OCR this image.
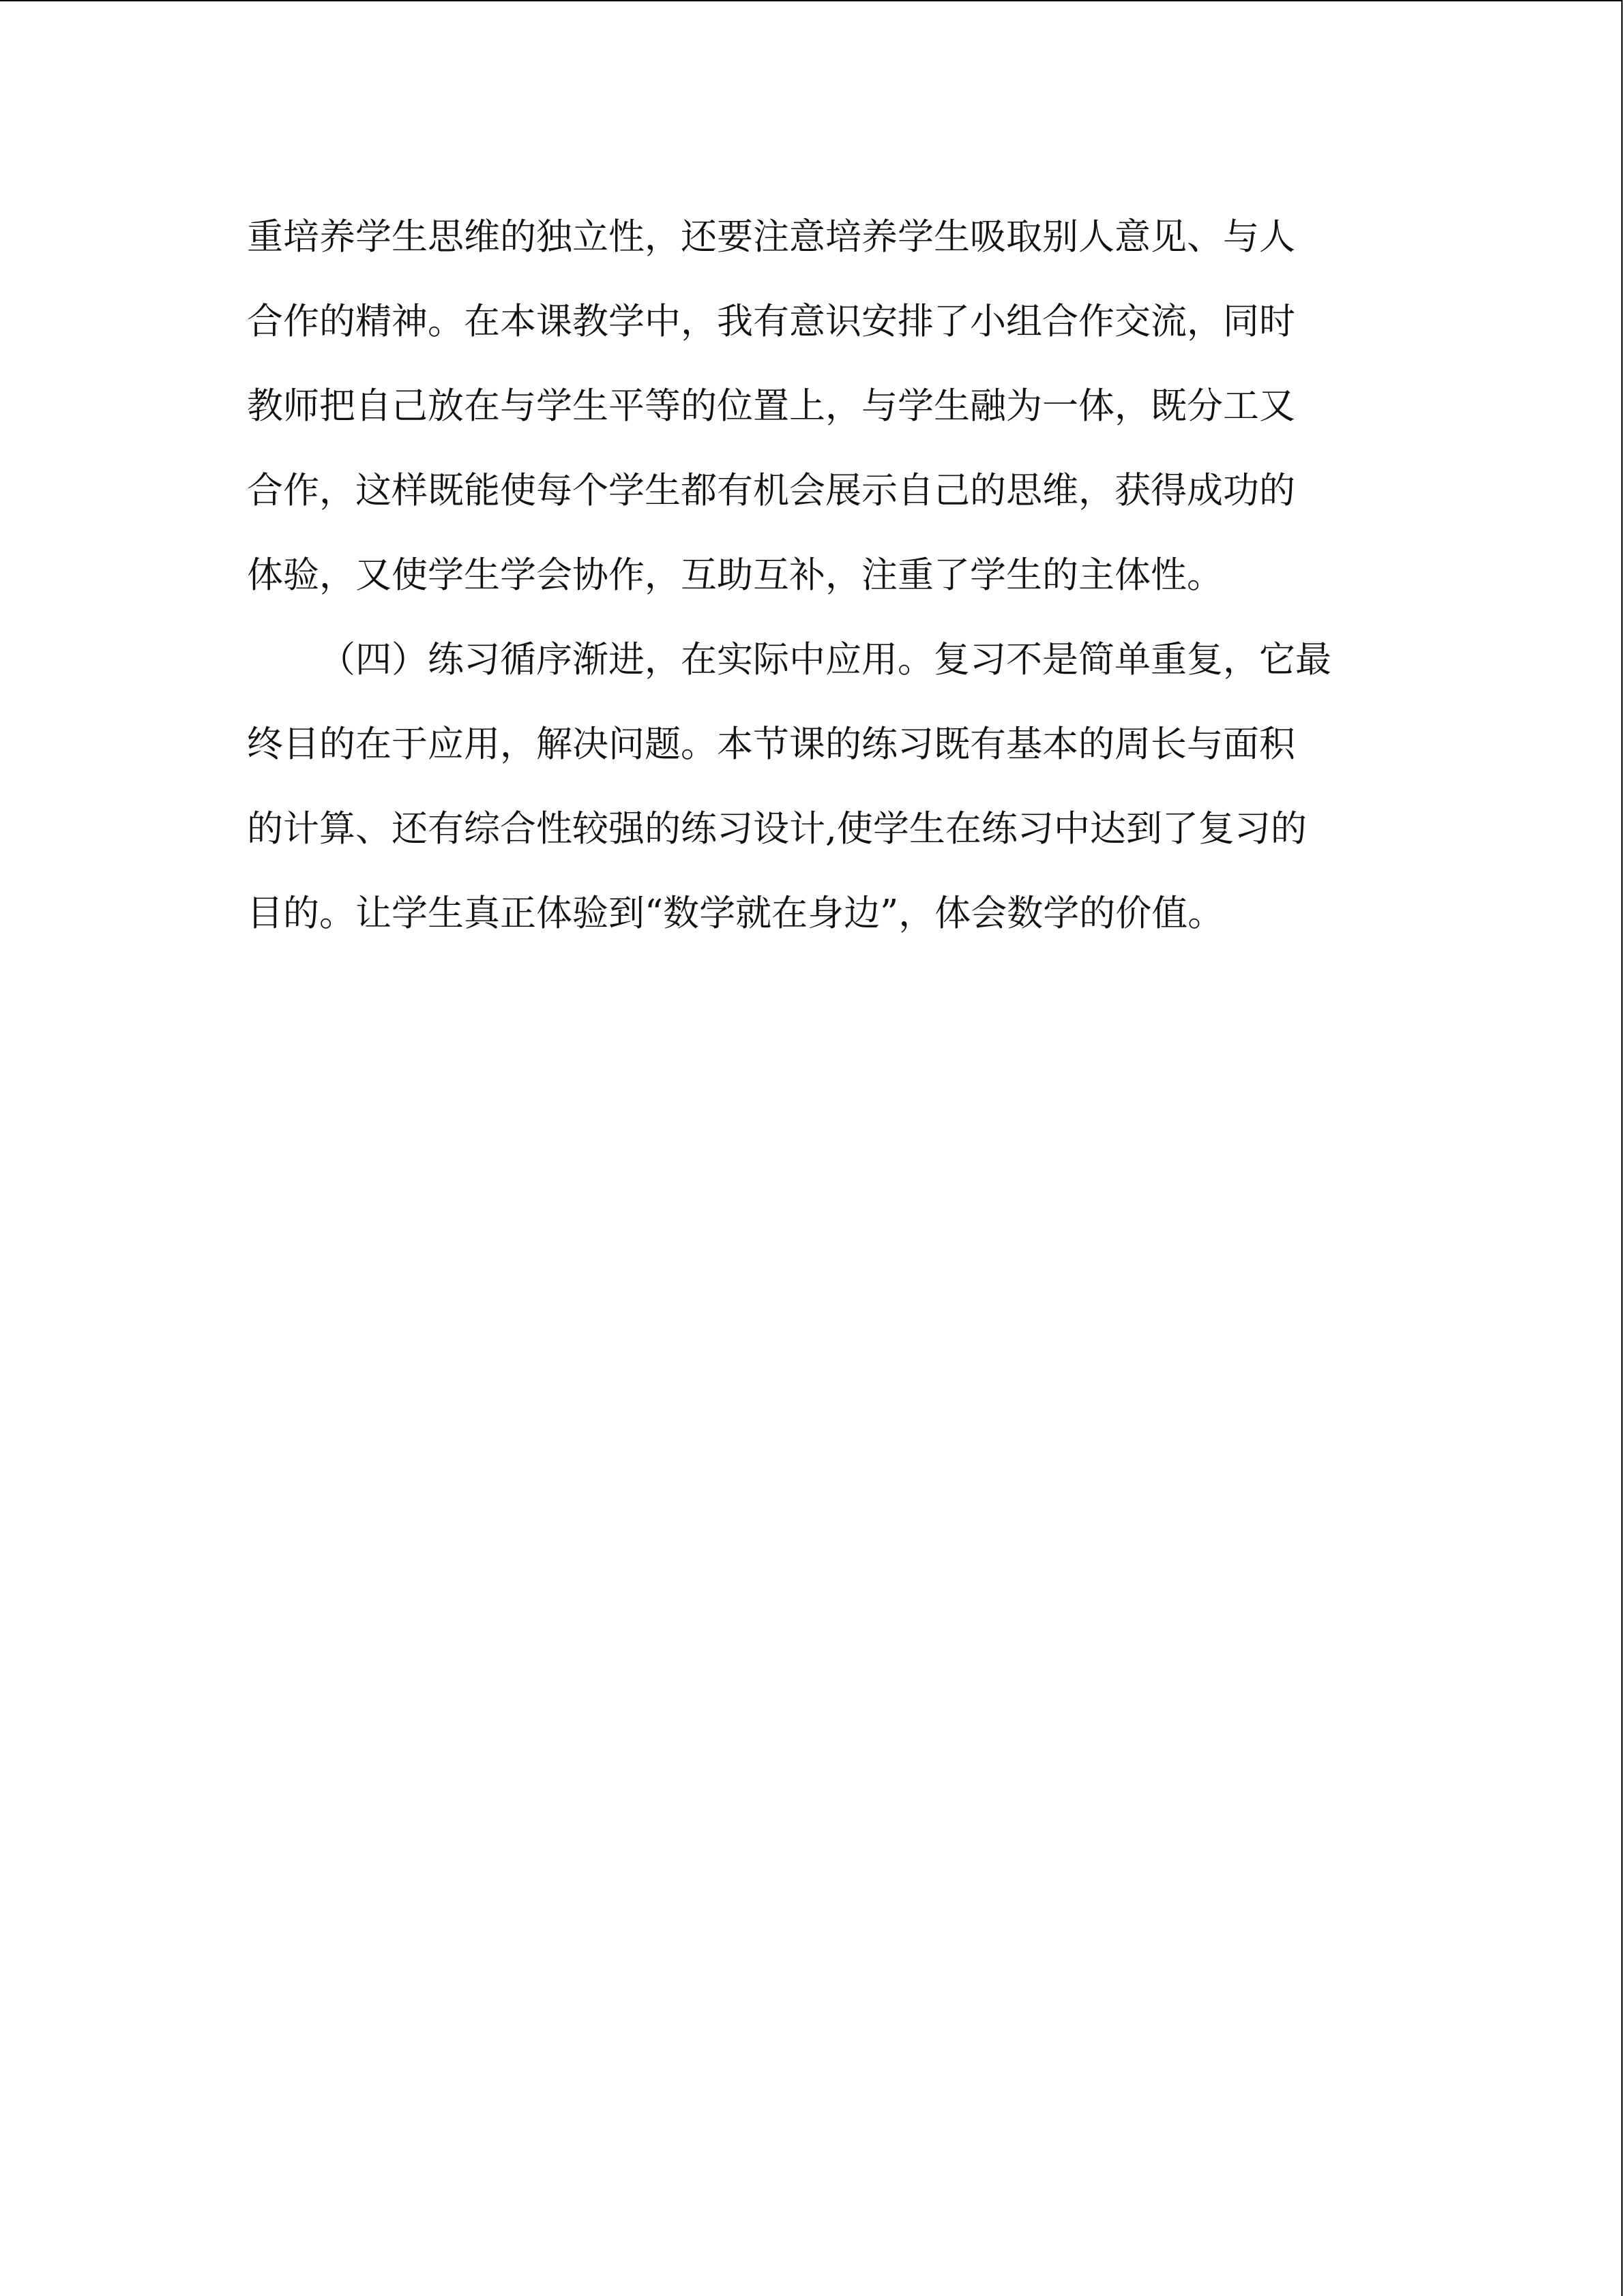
重培养学生思维的独立性，还要注意培养学生吸取别人意见、与人
合作的精神。在本课教学中，我有意识安排了小组合作交流，同时
教师把自己放在与学生平等的位置上，与学生融为一体，既分工又
合作，这样既能使每个学生都有机会展示自己的思维，获得成功的
体验，又使学生学会协作，互助互补，注重了学生的主体性。
（四）练习循序渐进，在实际中应用。复习不是简单重复，它最
终目的在于应用，解决问题。本节课的练习既有基本的周长与面积
的计算、还有综合性较强的练习设计,使学生在练习中达到了复习的
目的。让学生真正体验到“数学就在身边”，体会数学的价值。
